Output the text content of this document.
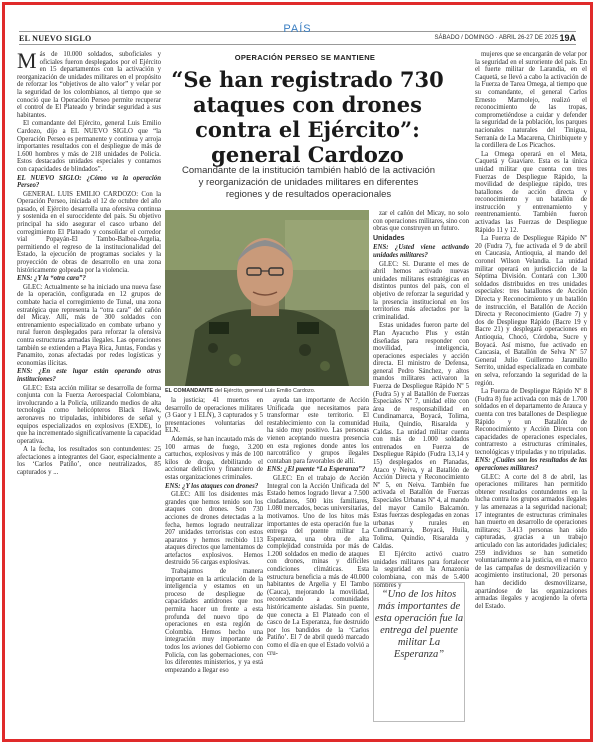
EL NUEVO SIGLO
PAÍS
SÁBADO / DOMINGO · ABRIL 26-27 DE 2025 19A
OPERACIÓN PERSEO SE MANTIENE
“Se han registrado 730 ataques con drones contra el Ejército”: general Cardozo
Comandante de la institución también habló de la activación y reorganización de unidades militares en diferentes regiones y de resultados operacionales

Más de 10.000 soldados, suboficiales y oficiales fueron desplegados por el Ejército en 15 departamentos con la activación y reorganización de unidades militares en el propósito de reforzar los “objetivos de alto valor” y velar por la seguridad de los colombianos, al tiempo que se conoció que la Operación Perseo permite recuperar el control de El Plateado y brindar seguridad a sus habitantes.

El comandante del Ejército, general Luis Emilio Cardozo, dijo a EL NUEVO SIGLO que “la Operación Perseo es permanente y continua y arroja importantes resultados con el despliegue de más de 1.600 hombres y más de 218 unidades de Policía. Estos destacados unidades especiales y contamos con capacidades de blindados”.

EL NUEVO SIGLO: ¿Cómo va la operación Perseo?

GENERAL LUIS EMILIO CARDOZO: Con la Operación Perseo, iniciada el 12 de octubre del año pasado, el Ejército desarrolla una ofensiva continua y sostenida en el suroccidente del país. Su objetivo principal ha sido asegurar el casco urbano del corregimiento El Plateado y consolidar el corredor vial Popayán-El Tambo-Balboa-Argelia, permitiendo el regreso de la institucionalidad del Estado, la ejecución de programas sociales y la proyección de obras de desarrollo en una zona históricamente golpeada por la violencia.

ENS: ¿Y la “otra cara”?

GLEC: Actualmente se ha iniciado una nueva fase de la operación, configurada en 12 grupos de combate hacia el corregimiento de Tunal, una zona estratégica que representa la “otra cara” del cañón del Micay. Allí, más de 300 soldados con entrenamiento especializado en combate urbano y rural fueron desplegados para reforzar la ofensiva contra estructuras armadas ilegales. Las operaciones también se extienden a Playa Rica, Juntas, Fondas y Panamito, zonas afectadas por redes logísticas y economías ilícitas.

ENS: ¿En este lugar están operando otras instituciones?

GLEC: Esta acción militar se desarrolla de forma conjunta con la Fuerza Aeroespacial Colombiana, involucrando a la Policía, utilizando medios de alta tecnología como helicópteros Black Hawk, aeronaves no tripuladas, inhibidores de señal y equipos especializados en explosivos (EXDE), lo que ha incrementado significativamente la capacidad operativa.

A la fecha, los resultados son contundentes: 25 afectaciones a integrantes del Gaor, especialmente a los ‘Carlos Patiño’, once neutralizados, 85 capturados y ...

la justicia; 41 muertos en desarrollo de operaciones militares (3 Gaor y 1 ELN), 3 capturados y 5 presentaciones voluntarias del ELN.

Además, se han incautado más de 100 armas de fuego, 3.200 cartuchos, explosivos y más de 100 kilos de droga, debilitando el accionar delictivo y financiero de estas organizaciones criminales.

ENS: ¿Y los ataques con drones?

GLEC: Allí los disidentes más grandes que hemos tenido son los ataques con drones. Son 730 acciones de drones detectadas a la fecha, hemos logrado neutralizar 207 unidades terroristas con estos aparatos y hemos recibido 113 ataques directos que lamentamos de artefactos explosivos. Hemos destruido 56 cargas explosivas.

Trabajamos de manera importante en la articulación de la inteligencia y estamos en un proceso de despliegue de capacidades antidrones que nos permita hacer un frente a esta profunda del nuevo tipo de operaciones en esta región de Colombia. Hemos hecho una integración muy importante de todos los aviones del Gobierno con Policía, con las gobernaciones, con los diferentes ministerios, y ya está empezando a llegar eso

ayuda tan importante de Acción Unificada que necesitamos para transformar este territorio. El restablecimiento con la comunidad ha sido muy positivo. Las personas vienen aceptando nuestra presencia en esta regiones donde antes los narcotráfico y grupos ilegales contaban para favorables de allí.

ENS: ¿El puente “La Esperanza”?

GLEC: En el trabajo de Acción Integral con la Acción Unificada del Estado hemos logrado llevar a 7.500 ciudadanos, 500 kits familiares, 1.080 mercados, becas universitarias, motivamos. Uno de los hitos más importantes de esta operación fue la entrega del puente militar La Esperanza, una obra de alta complejidad construida por más de 1.200 soldados en medio de ataques con drones, minas y difíciles condiciones climáticas. Esta estructura beneficia a más de 40.000 habitantes de Argelia y El Tambo (Cauca), mejorando la movilidad, reconectando a comunidades históricamente aisladas. Sin puente, que conecta a El Plateado con el casco de La Esperanza, fue destruido por los bandidos de la ‘Carlos Patiño’. El 7 de abril quedó marcado como el día en que el Estado volvió a cru-

zar el cañón del Micay, no solo con operaciones militares, sino con obras que construyen un futuro.

Unidades

ENS: ¿Usted viene activando unidades militares?

GLEC: Sí. Durante el mes de abril hemos activado nuevas unidades militares estratégicas en distintos puntos del país, con el objetivo de reforzar la seguridad y la presencia institucional en los territorios más afectados por la criminalidad.

Estas unidades fueron parte del Plan Ayacucho Plus y están diseñadas para responder con movilidad, inteligencia, operaciones especiales y acción directa. El ministro de Defensa, general Pedro Sánchez, y altos mandos militares activaron la Fuerza de Despliegue Rápido Nº 5 (Fudra 5) y al Batallón de Fuerzas Especiales Nº 7, unidad elite con área de responsabilidad en Cundinamarca, Boyacá, Tolima, Huila, Quindío, Risaralda y Caldas. La unidad militar cuenta con más de 1.000 soldados entrenados en Fuerza de Despliegue Rápido (Fudra 13,14 y 15) desplegados en Planadas, Ataco y Neiva, y al Batallón de Acción Directa y Reconocimiento Nº 5, en Neiva. También fue activada el Batallón de Fuerzas Especiales Urbanas Nº 4, al mando del mayor Camilo Balcamón. Estas fuerzas desplegadas en zonas urbanas y rurales en Cundinamarca, Boyacá, Huila, Tolima, Quindío, Risaralda y Caldas.

El Ejército activó cuatro unidades militares para fortalecer la seguridad en la Amazonia colombiana, con más de 5.400 hombres y

mujeres que se encargarán de velar por la seguridad en el suroriente del país. En el fuerte militar de Larandia, en el Caquetá, se llevó a cabo la activación de la Fuerza de Tarea Omega, al tiempo que su comandante, el general Carlos Ernesto Marmolejo, realizó el reconocimiento de las tropas, comprometiéndose a cuidar y defender la seguridad de la población, los parques nacionales naturales del Tinigua, Serranía de La Macarena, Chiribiquete y la cordillera de Los Picachos.

La Omega operará en el Meta, Caquetá y Guaviare. Esta es la única unidad militar que cuenta con tres Fuerzas de Despliegue Rápido, la movilidad de despliegue rápido, tres batallones de acción directa y reconocimiento y un batallón de instrucción y entrenamiento y reentrenamiento. También fueron activadas las Fuerzas de Despliegue Rápido 11 y 12.

La Fuerza de Despliegue Rápido Nº 20 (Fudra 7), fue activada el 9 de abril en Caucasia, Antioquia, al mando del coronel Wilson Velandia. La unidad militar operará en jurisdicción de la Séptima División. Contará con 1.300 soldados distribuidos en tres unidades especiales: tres batallones de Acción Directa y Reconocimiento y un batallón de instrucción, el Batallón de Acción Directa y Reconocimiento (Gadre 7) y dos de Despliegue Rápido (Bacre 19 y Bacre 21) y desplegará operaciones en Antioquia, Chocó, Córdoba, Sucre y Boyacá. Así mismo, fue activado en Caucasia, el Batallón de Selva Nº 57 General Julio Guillermo Jaramillo Serrito, unidad especializada en combate en selva, reforzando la seguridad de la región.

La Fuerza de Despliegue Rápido Nº 8 (Fudra 8) fue activada con más de 1.700 soldados en el departamento de Arauca y cuenta con tres batallones de Despliegue Rápido y un Batallón de Reconocimiento y Acción Directa con capacidades de operaciones especiales, contrarresto a estructuras criminales, tecnológicas y tripuladas y no tripuladas.

ENS: ¿Cuáles son los resultados de las operaciones militares?

GLEC: A corte del 8 de abril, las operaciones militares han permitido obtener resultados contundentes en la lucha contra los grupos armados ilegales y las amenazas a la seguridad nacional; 17 integrantes de estructuras criminales han muerto en desarrollo de operaciones militares; 3.413 personas han sido capturadas, gracias a un trabajo articulado con las autoridades judiciales; 259 individuos se han sometido voluntariamente a la justicia, en el marco de las campañas de desmovilización y acogimiento institucional, 20 personas han decidido desmovilizarse, apartándose de las organizaciones armadas ilegales y acogiendo la oferta del Estado.

EL COMANDANTE del Ejército, general Luis Emilio Cardozo.
“Uno de los hitos más importantes de esta operación fue la entrega del puente militar La Esperanza”
